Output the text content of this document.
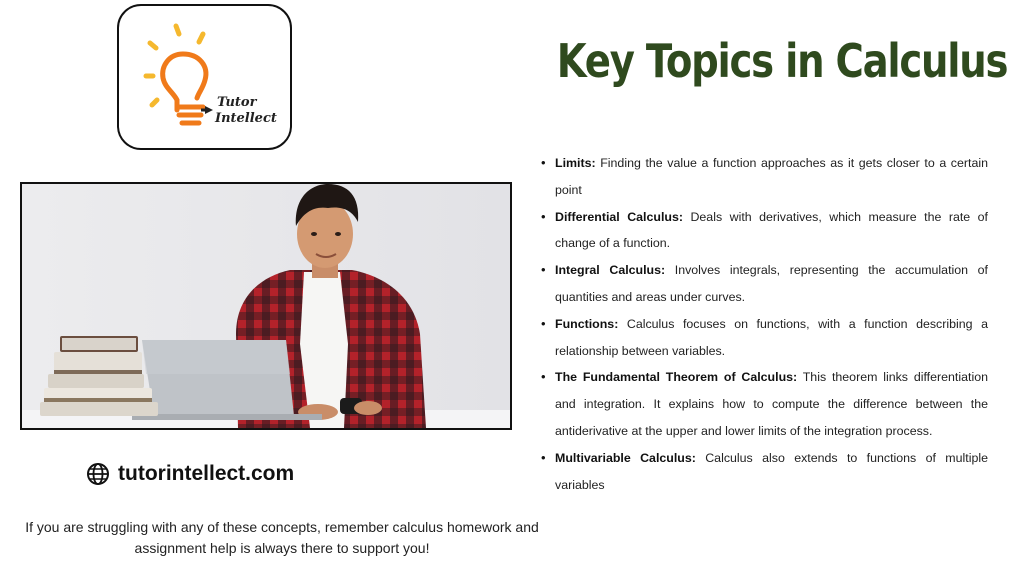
Tutor
Intellect
Key Topics in Calculus
tutorintellect.com
If you are struggling with any of these concepts, remember calculus homework and assignment help is always there to support you!
• Limits: Finding the value a function approaches as it gets closer to a certain point
• Differential Calculus: Deals with derivatives, which measure the rate of change of a function.
• Integral Calculus: Involves integrals, representing the accumulation of quantities and areas under curves.
• Functions: Calculus focuses on functions, with a function describing a relationship between variables.
• The Fundamental Theorem of Calculus: This theorem links differentiation and integration. It explains how to compute the difference between the antiderivative at the upper and lower limits of the integration process.
• Multivariable Calculus: Calculus also extends to functions of multiple variables
